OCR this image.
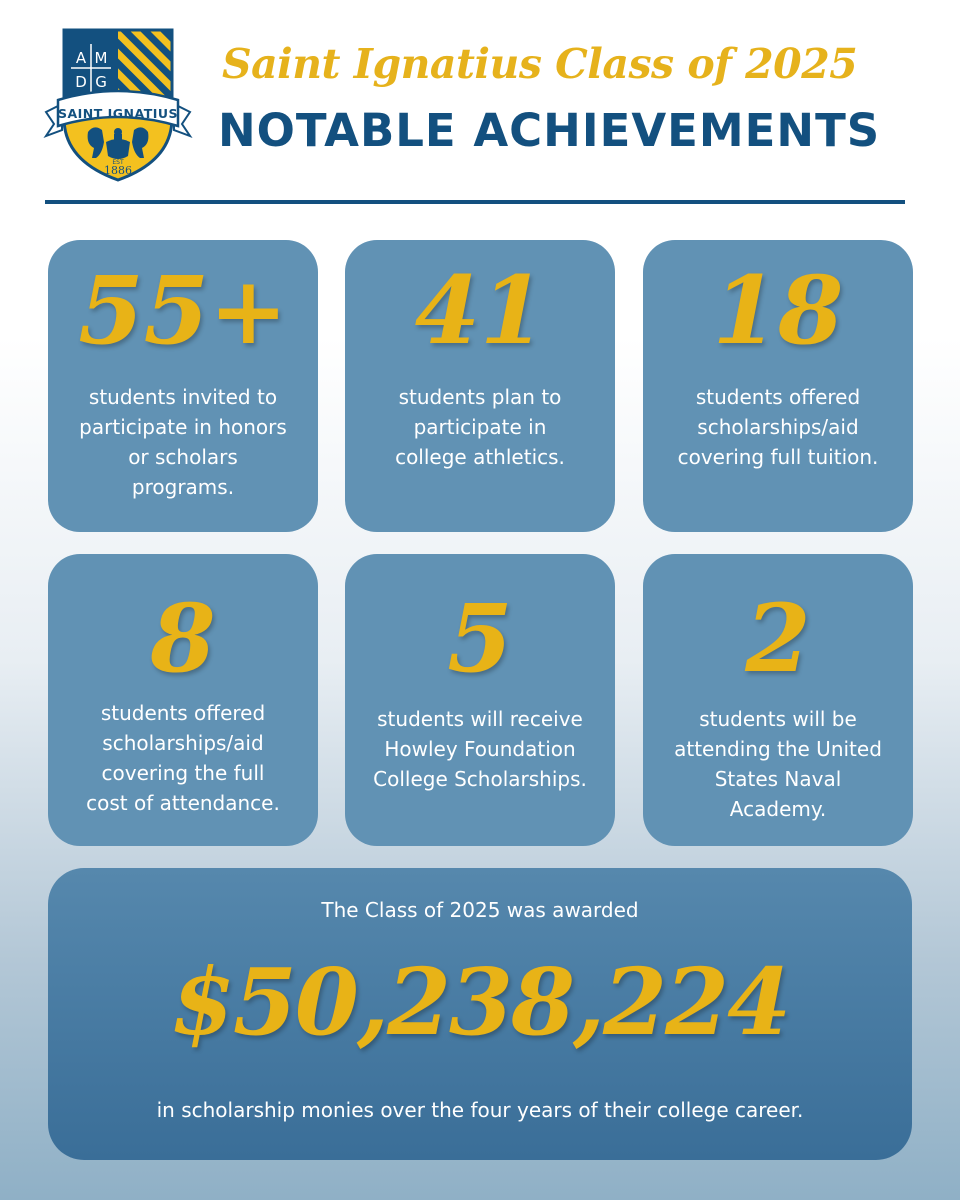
A M
D G
SAINT IGNATIUS
EST
1886
Saint Ignatius Class of 2025
NOTABLE ACHIEVEMENTS
55+
students invited to
participate in honors
or scholars
programs.
41
students plan to
participate in
college athletics.
18
students offered
scholarships/aid
covering full tuition.
8
students offered
scholarships/aid
covering the full
cost of attendance.
5
students will receive
Howley Foundation
College Scholarships.
2
students will be
attending the United
States Naval
Academy.
The Class of 2025 was awarded
$50,238,224
in scholarship monies over the four years of their college career.
